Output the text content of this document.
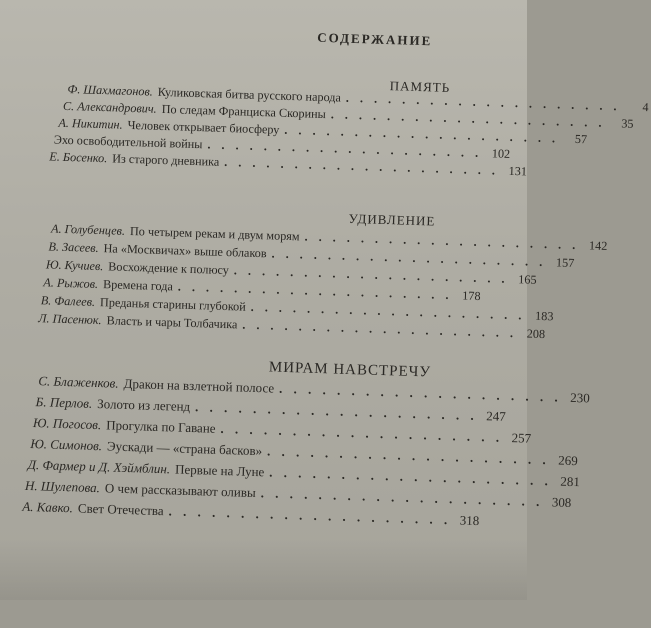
СОДЕРЖАНИЕ
ПАМЯТЬ
Ф. Шахмагонов. Куликовская битва русского народа . . . . . . . . . . . . . . . . . . . .	4
С. Александрович. По следам Франциска Скорины . . . . . . . . . . . . . . . . . . . .	35
А. Никитин. Человек открывает биосферу . . . . . . . . . . . . . . . . . . . .	57
Эхо освободительной войны . . . . . . . . . . . . . . . . . . . . 102
Е. Босенко. Из старого дневника . . . . . . . . . . . . . . . . . . . . 131
УДИВЛЕНИЕ
А. Голубенцев. По четырем рекам и двум морям . . . . . . . . . . . . . . . . . . . . 142
В. Засеев. На «Москвичах» выше облаков . . . . . . . . . . . . . . . . . . . . 157
Ю. Кучиев. Восхождение к полюсу . . . . . . . . . . . . . . . . . . . . 165
А. Рыжов. Времена года . . . . . . . . . . . . . . . . . . . . 178
В. Фалеев. Преданья старины глубокой . . . . . . . . . . . . . . . . . . . . 183
Л. Пасенюк. Власть и чары Толбачика . . . . . . . . . . . . . . . . . . . . 208
МИРАМ НАВСТРЕЧУ
С. Блаженков. Дракон на взлетной полосе . . . . . . . . . . . . . . . . . . . . 230
Б. Перлов. Золото из легенд . . . . . . . . . . . . . . . . . . . . 247
Ю. Погосов. Прогулка по Гаване . . . . . . . . . . . . . . . . . . . . 257
Ю. Симонов. Эускади — «страна басков» . . . . . . . . . . . . . . . . . . . . 269
Д. Фармер и Д. Хэймблин. Первые на Луне . . . . . . . . . . . . . . . . . . . . 281
Н. Шулепова. О чем рассказывают оливы . . . . . . . . . . . . . . . . . . . . 308
А. Кавко. Свет Отечества . . . . . . . . . . . . . . . . . . . . 318
